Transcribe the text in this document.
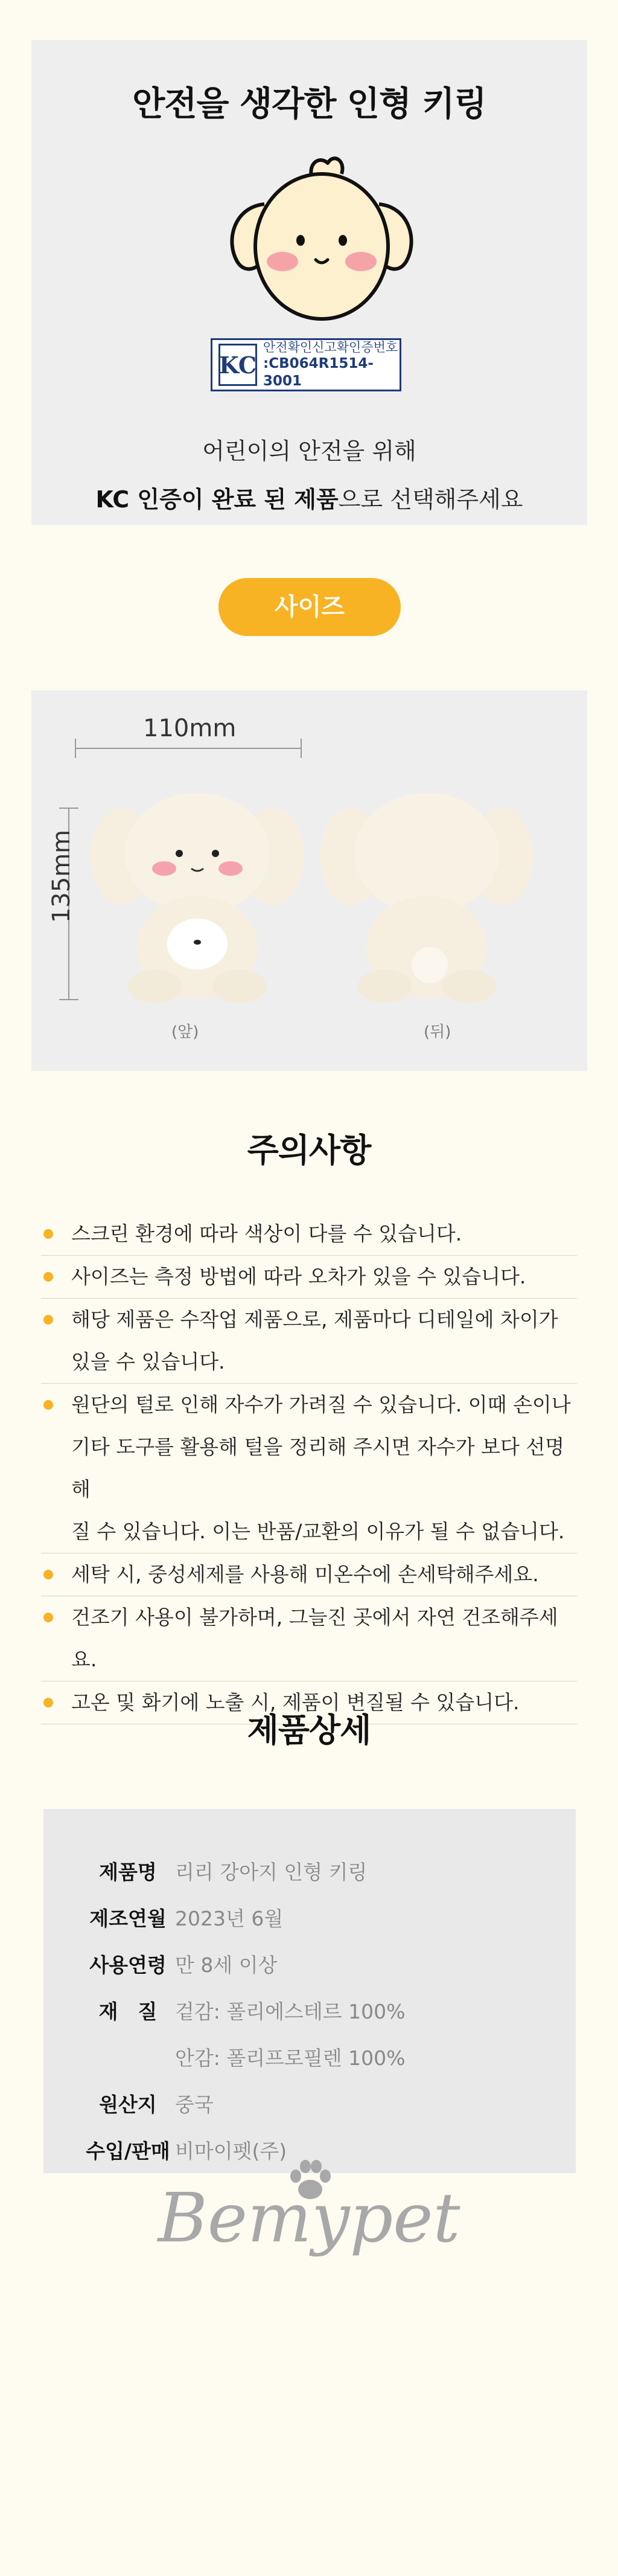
안전을 생각한 인형 키링
KC
안전확인신고확인증번호
:CB064R1514-3001
어린이의 안전을 위해
KC 인증이 완료 된 제품으로 선택해주세요
사이즈
110mm
135mm
(앞)	(뒤)
주의사항
스크린 환경에 따라 색상이 다를 수 있습니다.
사이즈는 측정 방법에 따라 오차가 있을 수 있습니다.
해당 제품은 수작업 제품으로, 제품마다 디테일에 차이가
있을 수 있습니다.
원단의 털로 인해 자수가 가려질 수 있습니다. 이때 손이나
기타 도구를 활용해 털을 정리해 주시면 자수가 보다 선명해
질 수 있습니다. 이는 반품/교환의 이유가 될 수 없습니다.
세탁 시, 중성세제를 사용해 미온수에 손세탁해주세요.
건조기 사용이 불가하며, 그늘진 곳에서 자연 건조해주세요.
고온 및 화기에 노출 시, 제품이 변질될 수 있습니다.
제품상세
제품명 리리 강아지 인형 키링
제조연월 2023년 6월
사용연령 만 8세 이상
재　질 겉감: 폴리에스테르 100%
안감: 폴리프로필렌 100%
원산지 중국
수입/판매 비마이펫(주)
Bemypet
